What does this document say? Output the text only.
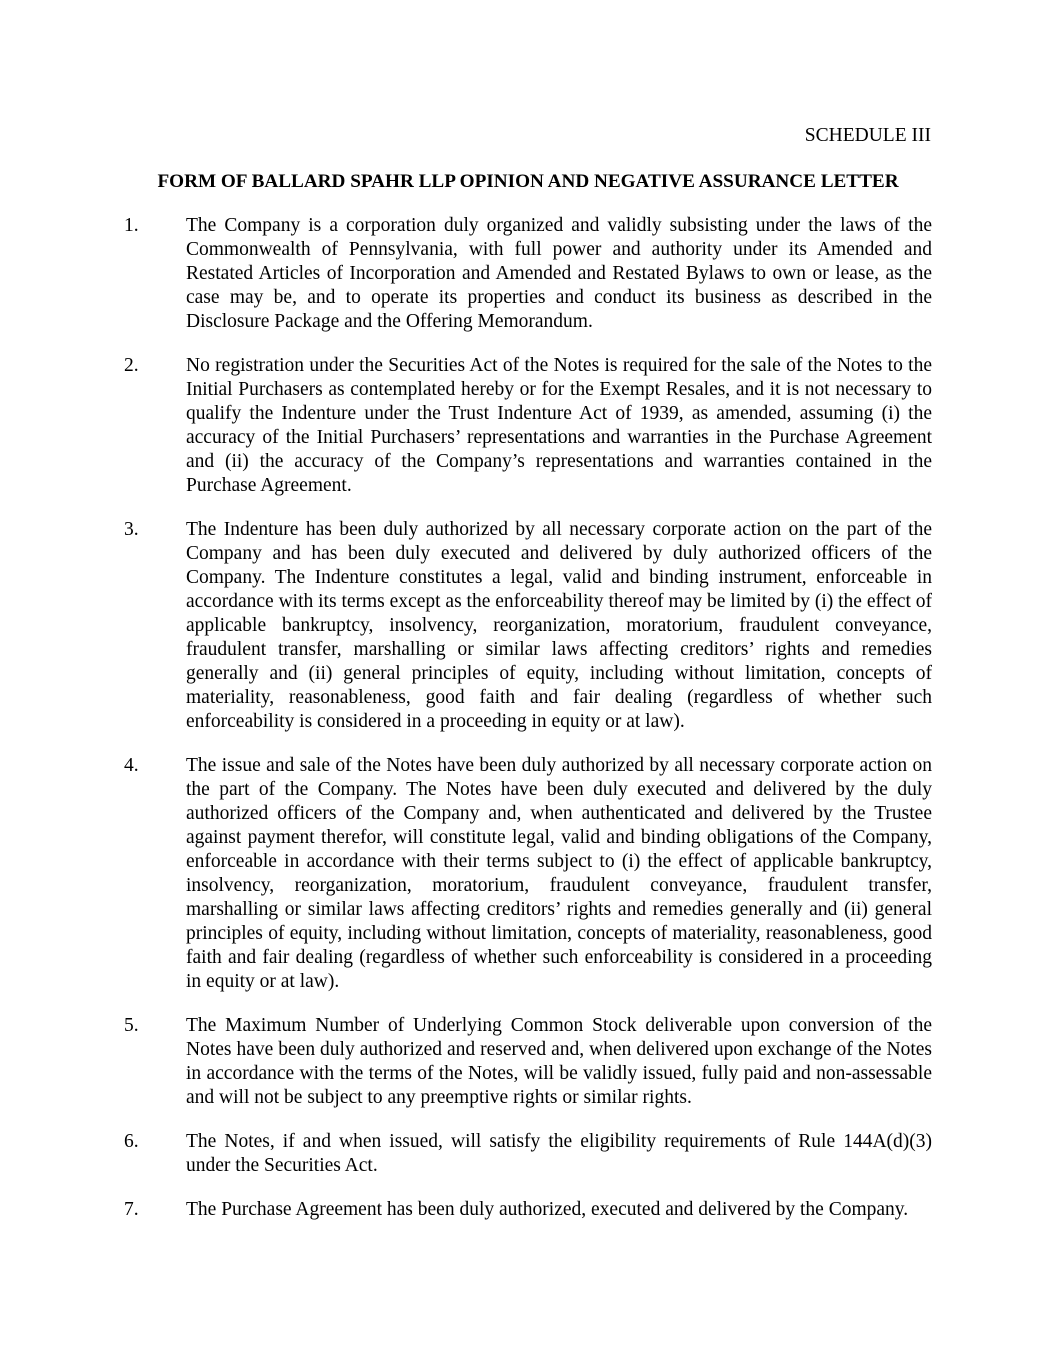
SCHEDULE III

FORM OF BALLARD SPAHR LLP OPINION AND NEGATIVE ASSURANCE LETTER

1. The Company is a corporation duly organized and validly subsisting under the laws of the Commonwealth of Pennsylvania, with full power and authority under its Amended and Restated Articles of Incorporation and Amended and Restated Bylaws to own or lease, as the case may be, and to operate its properties and conduct its business as described in the Disclosure Package and the Offering Memorandum.
2. No registration under the Securities Act of the Notes is required for the sale of the Notes to the Initial Purchasers as contemplated hereby or for the Exempt Resales, and it is not necessary to qualify the Indenture under the Trust Indenture Act of 1939, as amended, assuming (i) the accuracy of the Initial Purchasers’ representations and warranties in the Purchase Agreement and (ii) the accuracy of the Company’s representations and warranties contained in the Purchase Agreement.
3. The Indenture has been duly authorized by all necessary corporate action on the part of the Company and has been duly executed and delivered by duly authorized officers of the Company. The Indenture constitutes a legal, valid and binding instrument, enforceable in accordance with its terms except as the enforceability thereof may be limited by (i) the effect of applicable bankruptcy, insolvency, reorganization, moratorium, fraudulent conveyance, fraudulent transfer, marshalling or similar laws affecting creditors’ rights and remedies generally and (ii) general principles of equity, including without limitation, concepts of materiality, reasonableness, good faith and fair dealing (regardless of whether such enforceability is considered in a proceeding in equity or at law).
4. The issue and sale of the Notes have been duly authorized by all necessary corporate action on the part of the Company. The Notes have been duly executed and delivered by the duly authorized officers of the Company and, when authenticated and delivered by the Trustee against payment therefor, will constitute legal, valid and binding obligations of the Company, enforceable in accordance with their terms subject to (i) the effect of applicable bankruptcy, insolvency, reorganization, moratorium, fraudulent conveyance, fraudulent transfer, marshalling or similar laws affecting creditors’ rights and remedies generally and (ii) general principles of equity, including without limitation, concepts of materiality, reasonableness, good faith and fair dealing (regardless of whether such enforceability is considered in a proceeding in equity or at law).
5. The Maximum Number of Underlying Common Stock deliverable upon conversion of the Notes have been duly authorized and reserved and, when delivered upon exchange of the Notes in accordance with the terms of the Notes, will be validly issued, fully paid and non-assessable and will not be subject to any preemptive rights or similar rights.
6. The Notes, if and when issued, will satisfy the eligibility requirements of Rule 144A(d)(3) under the Securities Act.
7. The Purchase Agreement has been duly authorized, executed and delivered by the Company.
